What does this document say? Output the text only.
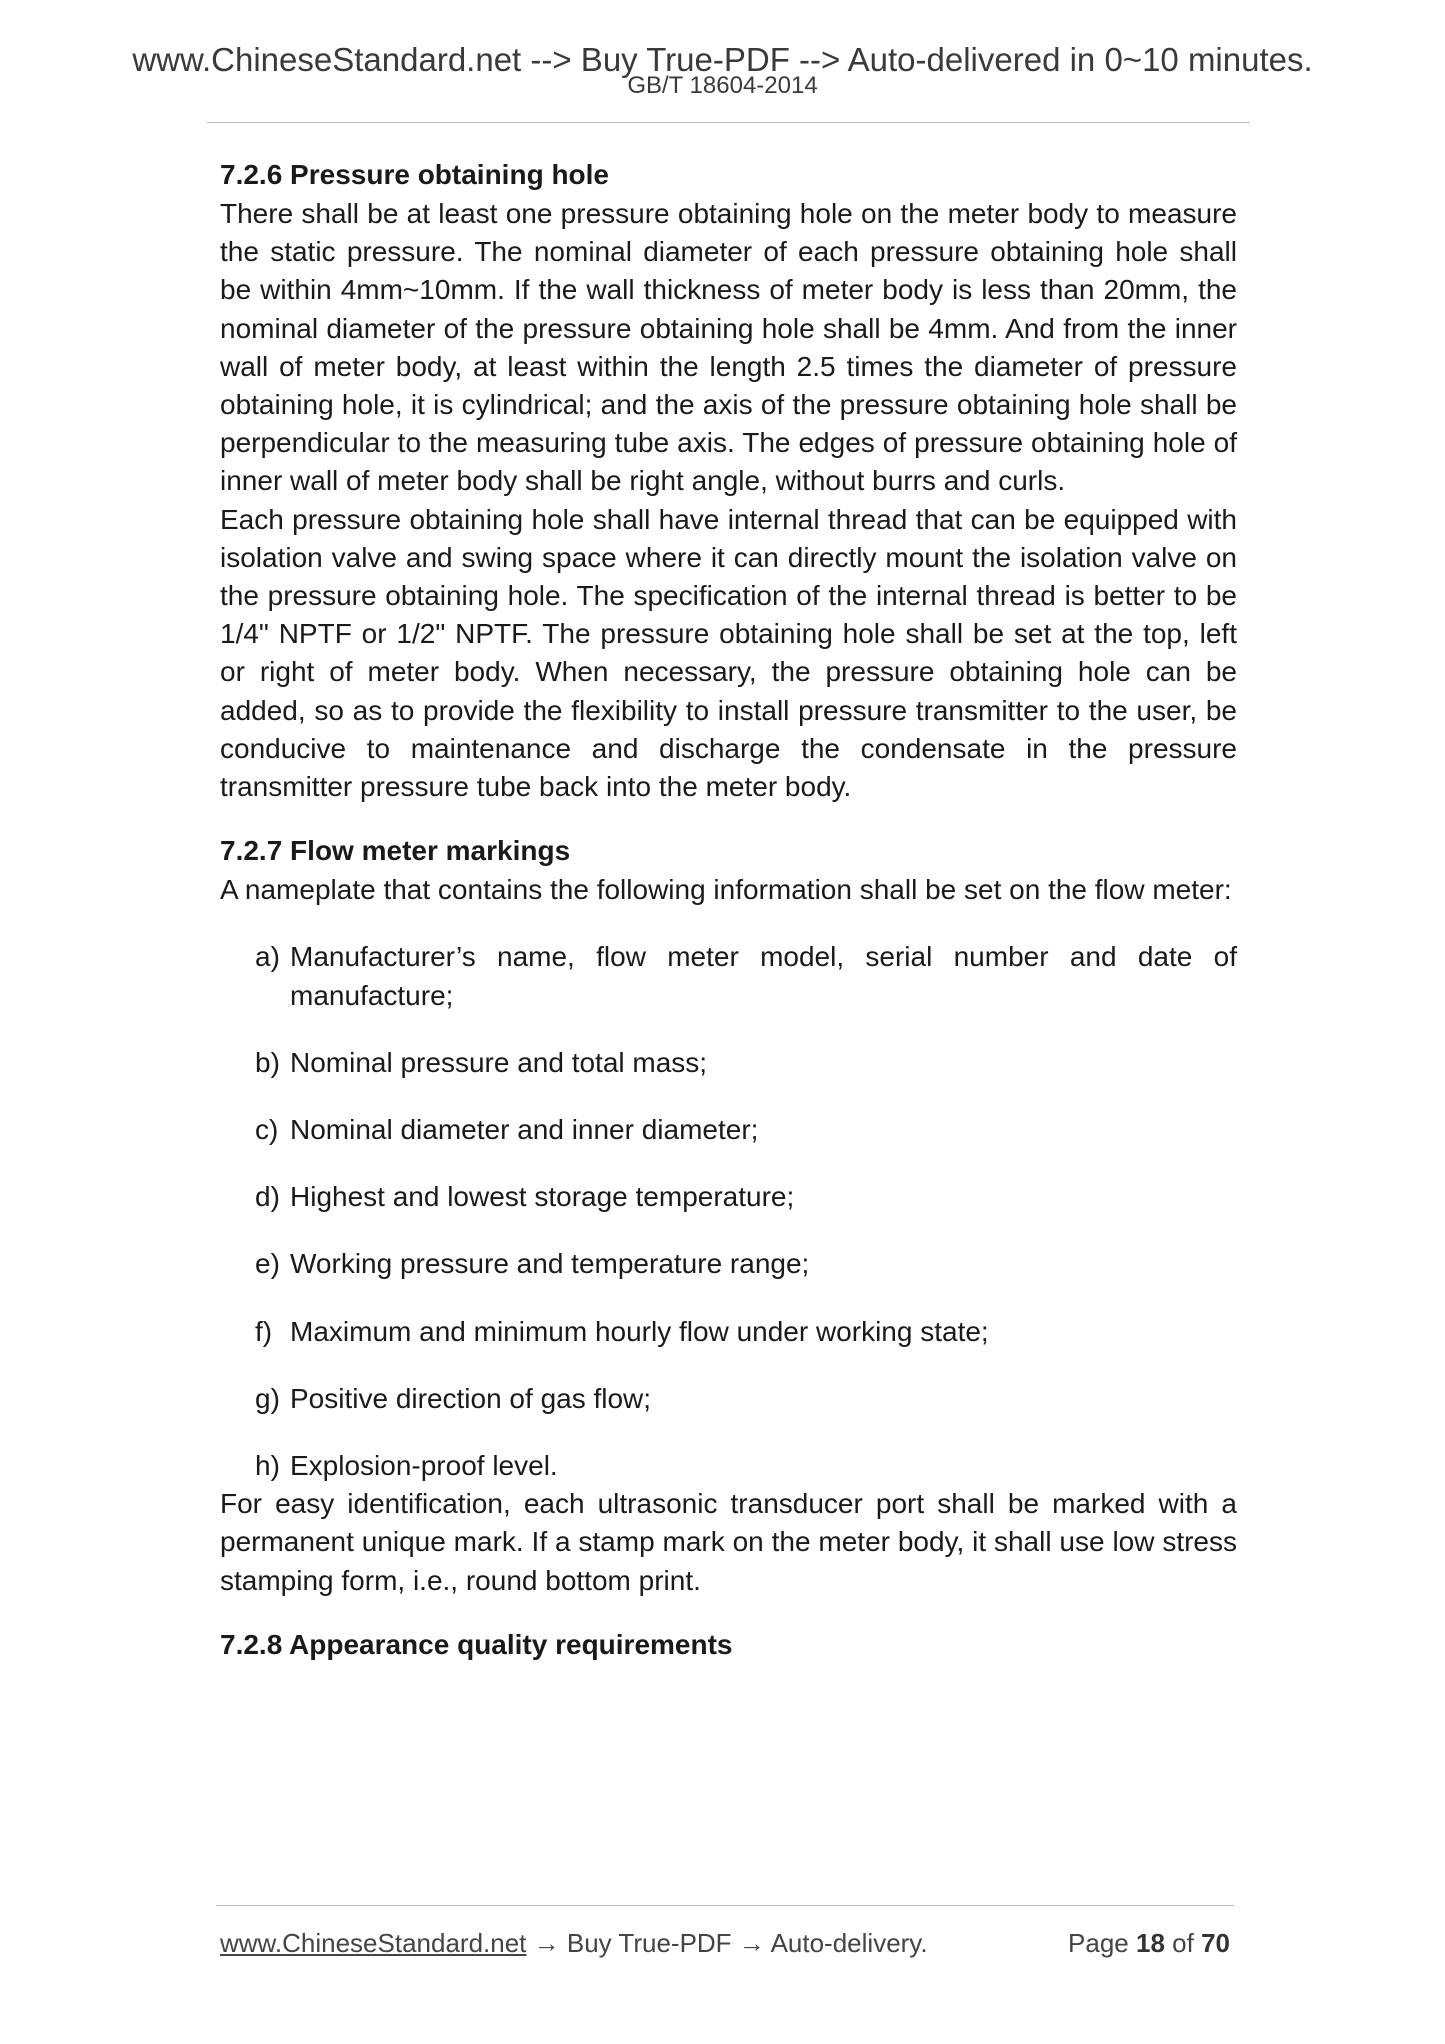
www.ChineseStandard.net --> Buy True-PDF --> Auto-delivered in 0~10 minutes.
GB/T 18604-2014
7.2.6 Pressure obtaining hole

There shall be at least one pressure obtaining hole on the meter body to measure the static pressure. The nominal diameter of each pressure obtaining hole shall be within 4mm~10mm. If the wall thickness of meter body is less than 20mm, the nominal diameter of the pressure obtaining hole shall be 4mm. And from the inner wall of meter body, at least within the length 2.5 times the diameter of pressure obtaining hole, it is cylindrical; and the axis of the pressure obtaining hole shall be perpendicular to the measuring tube axis. The edges of pressure obtaining hole of inner wall of meter body shall be right angle, without burrs and curls.

Each pressure obtaining hole shall have internal thread that can be equipped with isolation valve and swing space where it can directly mount the isolation valve on the pressure obtaining hole. The specification of the internal thread is better to be 1/4" NPTF or 1/2" NPTF. The pressure obtaining hole shall be set at the top, left or right of meter body. When necessary, the pressure obtaining hole can be added, so as to provide the flexibility to install pressure transmitter to the user, be conducive to maintenance and discharge the condensate in the pressure transmitter pressure tube back into the meter body.

7.2.7 Flow meter markings

A nameplate that contains the following information shall be set on the flow meter:

a) Manufacturer’s name, flow meter model, serial number and date of manufacture;
b) Nominal pressure and total mass;
c) Nominal diameter and inner diameter;
d) Highest and lowest storage temperature;
e) Working pressure and temperature range;
f) Maximum and minimum hourly flow under working state;
g) Positive direction of gas flow;
h) Explosion-proof level.

For easy identification, each ultrasonic transducer port shall be marked with a permanent unique mark. If a stamp mark on the meter body, it shall use low stress stamping form, i.e., round bottom print.

7.2.8 Appearance quality requirements
www.ChineseStandard.net → Buy True-PDF → Auto-delivery.	Page 18 of 70
